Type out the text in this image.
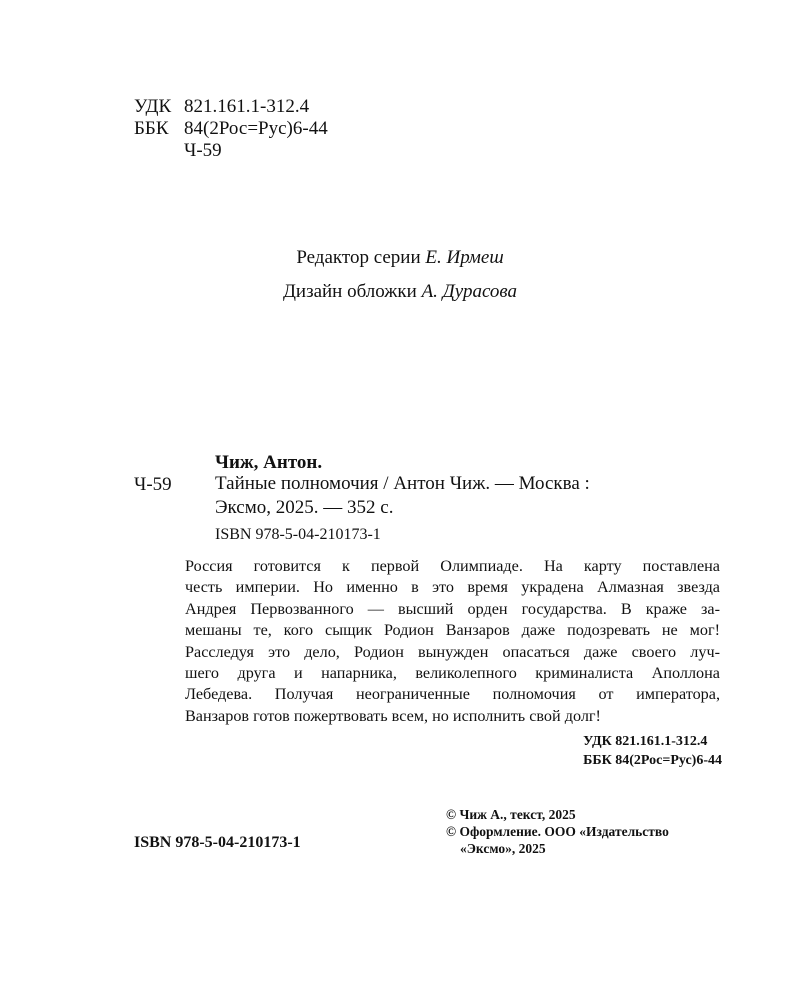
УДК 821.161.1-312.4
ББК 84(2Рос=Рус)6-44
Ч-59
Редактор серии Е. Ирмеш
Дизайн обложки А. Дурасова
Чиж, Антон.
Ч-59 Тайные полномочия / Антон Чиж. — Москва :
Эксмо, 2025. — 352 с.
ISBN 978-5-04-210173-1
Россия готовится к первой Олимпиаде. На карту поставлена
честь империи. Но именно в это время украдена Алмазная звезда
Андрея Первозванного — высший орден государства. В краже за-
мешаны те, кого сыщик Родион Ванзаров даже подозревать не мог!
Расследуя это дело, Родион вынужден опасаться даже своего луч-
шего друга и напарника, великолепного криминалиста Аполлона
Лебедева. Получая неограниченные полномочия от императора,
Ванзаров готов пожертвовать всем, но исполнить свой долг!
УДК 821.161.1-312.4
ББК 84(2Рос=Рус)6-44
ISBN 978-5-04-210173-1
© Чиж А., текст, 2025
© Оформление. ООО «Издательство
«Эксмо», 2025
